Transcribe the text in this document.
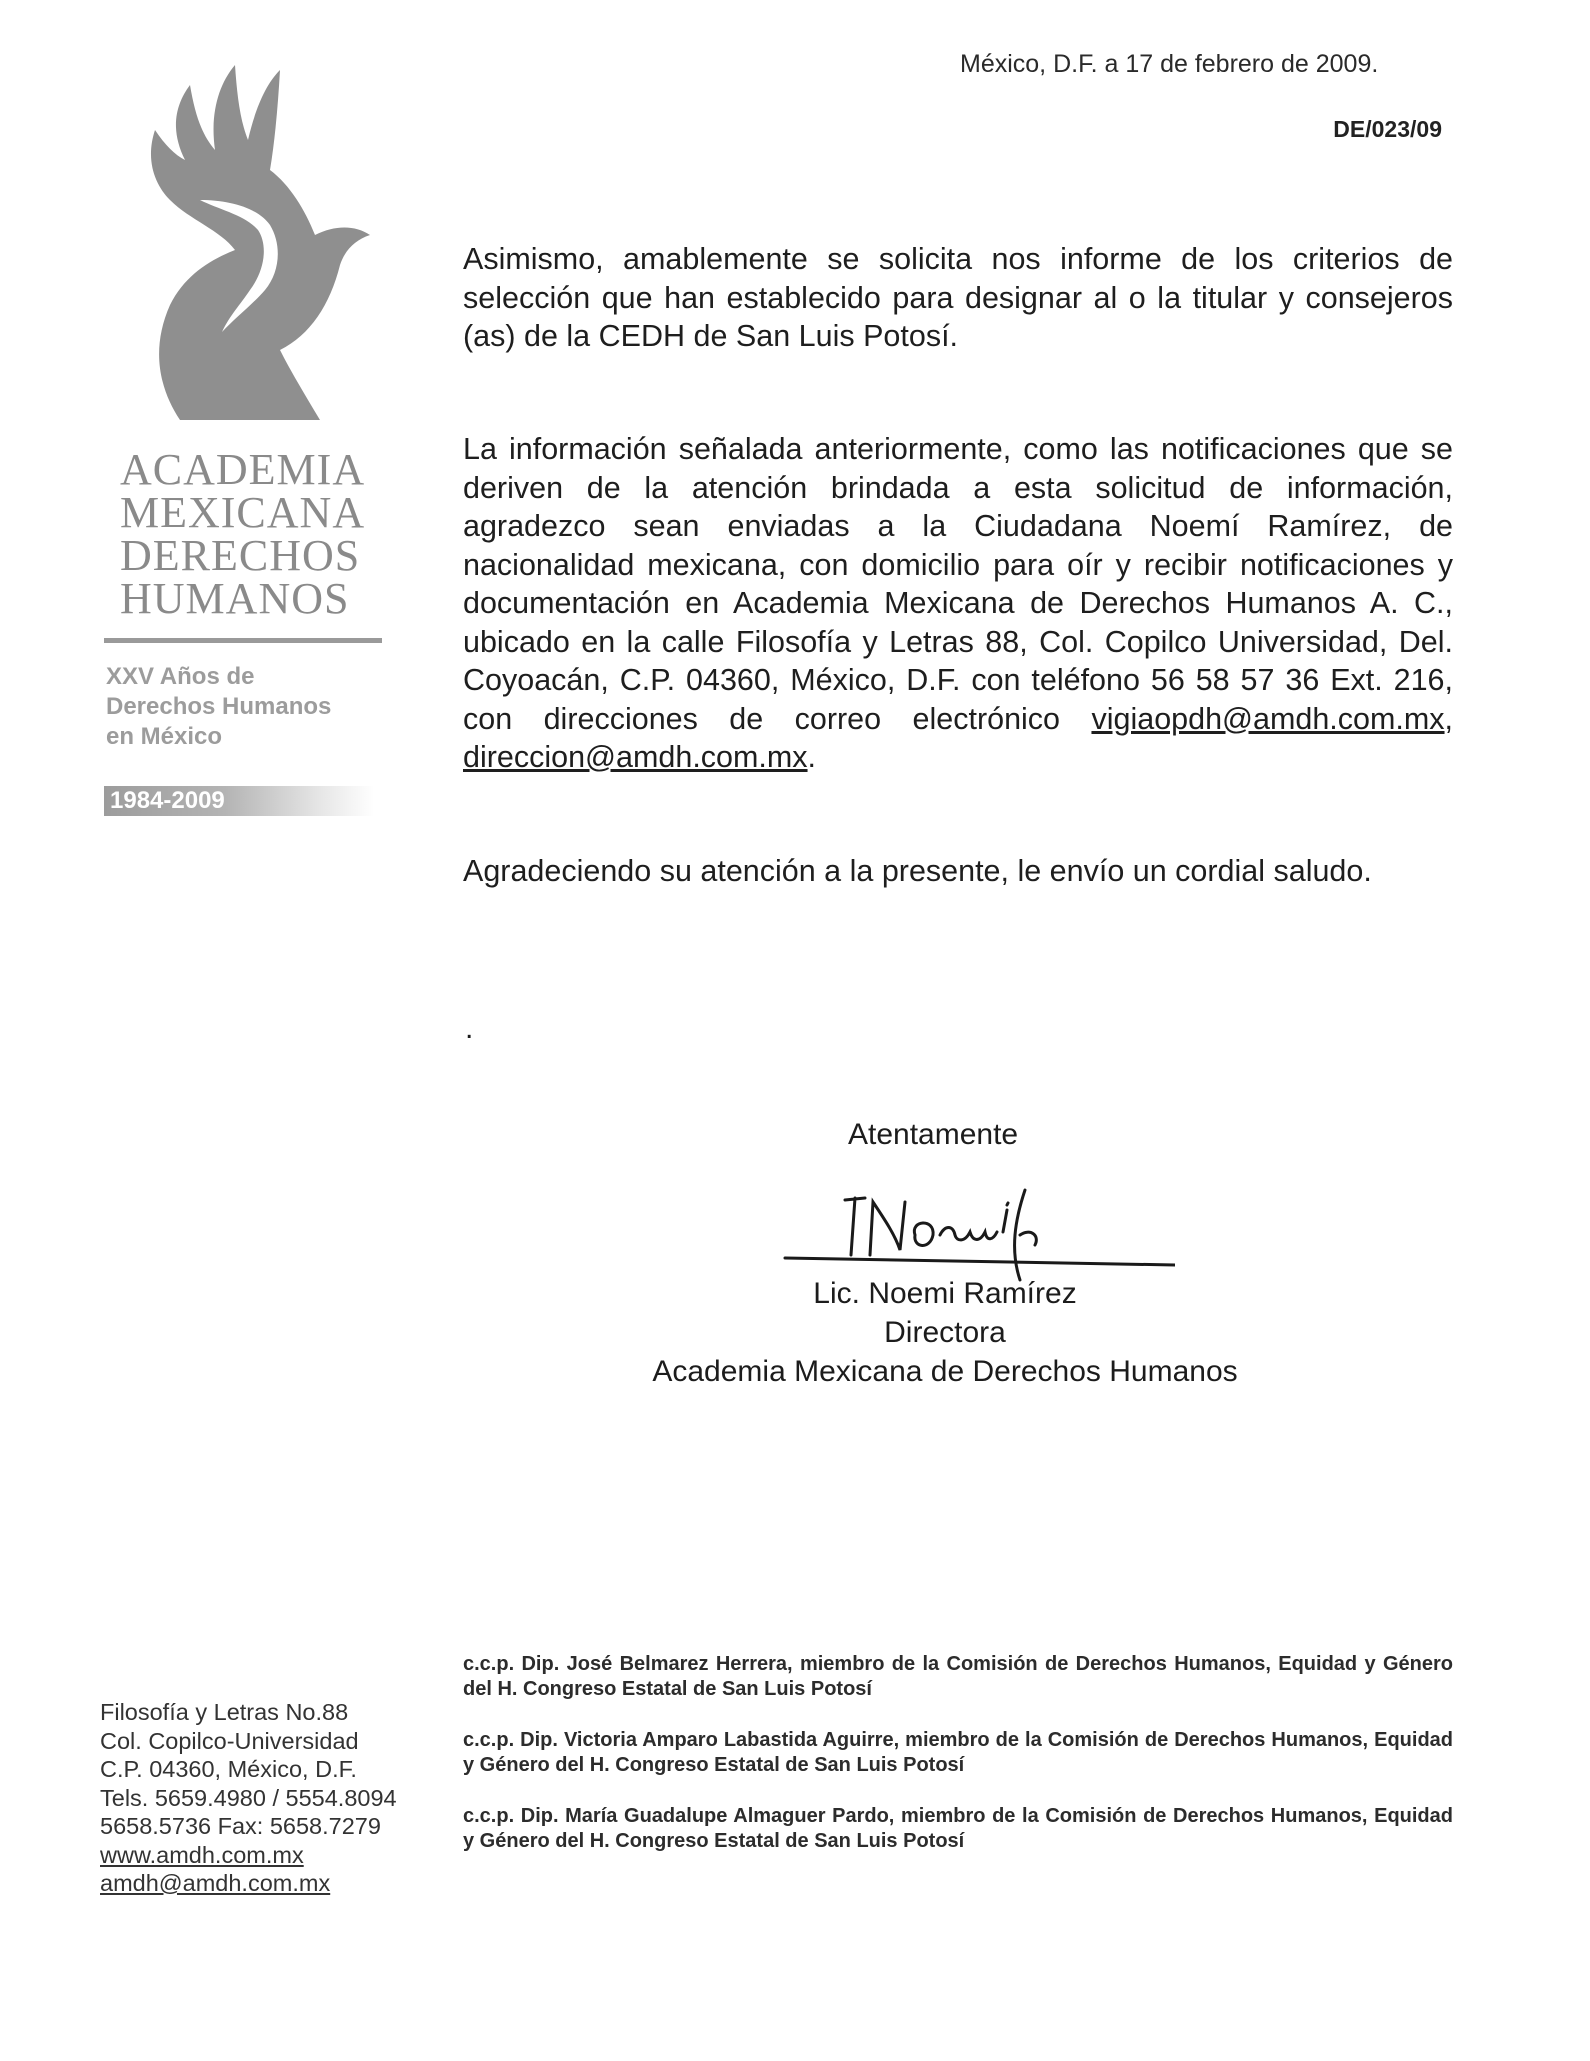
México, D.F. a 17 de febrero de 2009.
DE/023/09
ACADEMIA
MEXICANA
DERECHOS
HUMANOS
XXV Años de
Derechos Humanos
en México
1984-2009
Asimismo, amablemente se solicita nos informe de los criterios de selección que han establecido para designar al o la titular y consejeros (as) de la CEDH de San Luis Potosí.
La información señalada anteriormente, como las notificaciones que se deriven de la atención brindada a esta solicitud de información, agradezco sean enviadas a la Ciudadana Noemí Ramírez, de nacionalidad mexicana, con domicilio para oír y recibir notificaciones y documentación en Academia Mexicana de Derechos Humanos A. C., ubicado en la calle Filosofía y Letras 88, Col. Copilco Universidad, Del. Coyoacán, C.P. 04360, México, D.F. con teléfono 56 58 57 36 Ext. 216, con direcciones de correo electrónico vigiaopdh@amdh.com.mx, direccion@amdh.com.mx.
Agradeciendo su atención a la presente, le envío un cordial saludo.
.
Atentamente
Lic. Noemi Ramírez
Directora
Academia Mexicana de Derechos Humanos
Filosofía y Letras No.88
Col. Copilco-Universidad
C.P. 04360, México, D.F.
Tels. 5659.4980 / 5554.8094
5658.5736 Fax: 5658.7279
www.amdh.com.mx
amdh@amdh.com.mx
c.c.p. Dip. José Belmarez Herrera, miembro de la Comisión de Derechos Humanos, Equidad y Género del H. Congreso Estatal de San Luis Potosí
c.c.p. Dip. Victoria Amparo Labastida Aguirre, miembro de la Comisión de Derechos Humanos, Equidad y Género del H. Congreso Estatal de San Luis Potosí
c.c.p. Dip. María Guadalupe Almaguer Pardo, miembro de la Comisión de Derechos Humanos, Equidad y Género del H. Congreso Estatal de San Luis Potosí
